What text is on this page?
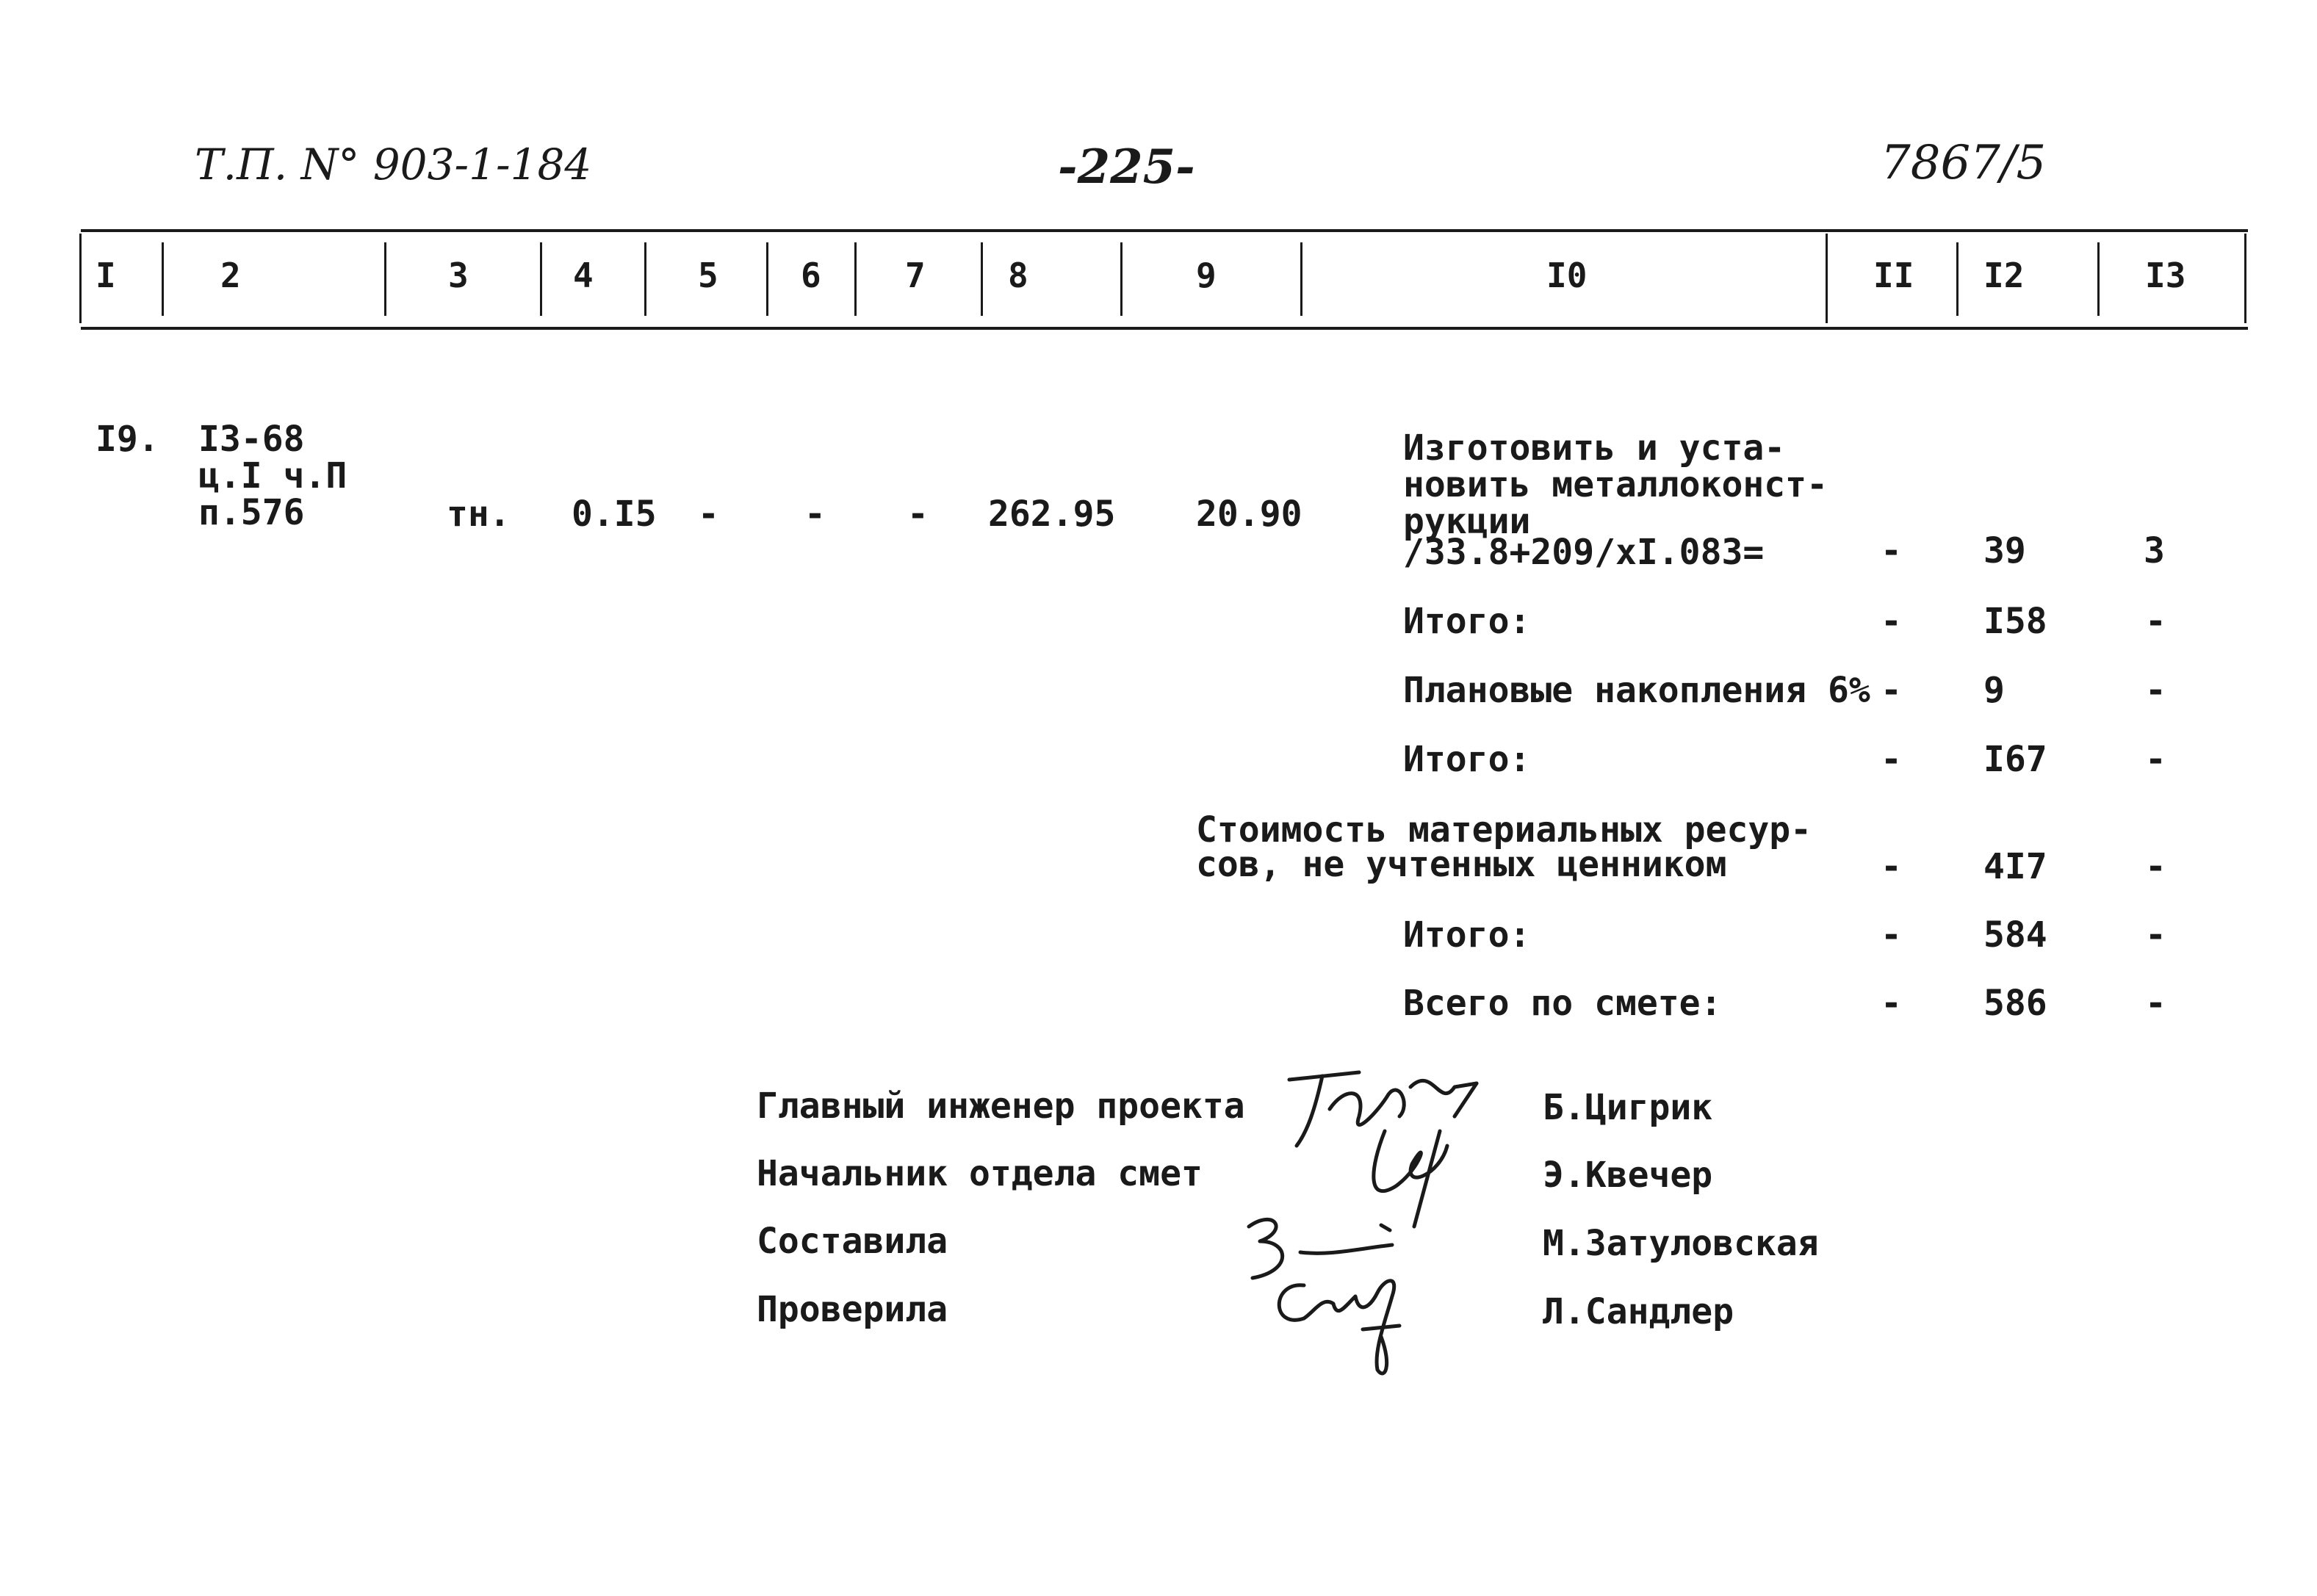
Т.П. N° 903-1-184	-225-	7867/5
I	2	3	4	5 6 7 8	9	I0	II I2	I3
I9. I3-68
ц.I ч.П
п.576	тн. 0.I5 - - - 262.95 20.90
Изготовить и уста-
новить металлоконст-
рукции
/33.8+209/xI.083=	- 39	3
Итого:	- I58	-
Плановые накопления 6% - 9	-
Итого:	- I67	-
Стоимость материальных ресур-
сов, не учтенных ценником	- 4I7	-
Итого:	- 584	-
Всего по смете:	- 586	-
Главный инженер проекта	Б.Цигрик
Начальник отдела смет	Э.Квечер
Составила	М.Затуловская
Проверила	Л.Сандлер
